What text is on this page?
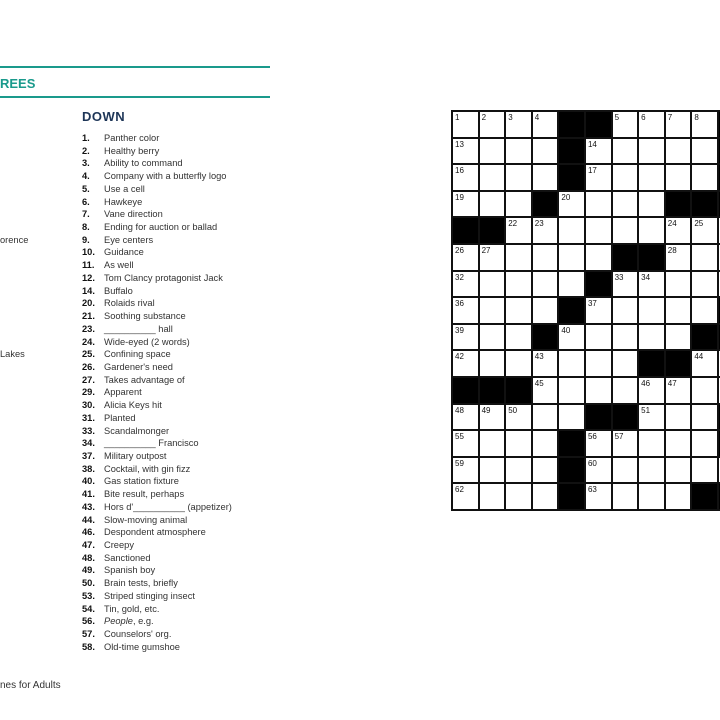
REES
DOWN
1.	Panther color
2.	Healthy berry
3.	Ability to command
4.	Company with a butterfly logo
5.	Use a cell
6.	Hawkeye
7.	Vane direction
8.	Ending for auction or ballad
9.	Eye centers
10. Guidance
11.	As well
12. Tom Clancy protagonist Jack
14. Buffalo
20. Rolaids rival
21. Soothing substance
23. __________ hall
24. Wide-eyed (2 words)
25. Confining space
26. Gardener's need
27. Takes advantage of
29. Apparent
30. Alicia Keys hit
31. Planted
33. Scandalmonger
34. __________ Francisco
37. Military outpost
38. Cocktail, with gin fizz
40. Gas station fixture
41. Bite result, perhaps
43. Hors d'__________ (appetizer)
44. Slow-moving animal
46. Despondent atmosphere
47. Creepy
48. Sanctioned
49. Spanish boy
50. Brain tests, briefly
53. Striped stinging insect
54. Tin, gold, etc.
56. People, e.g.
57. Counselors' org.
58. Old-time gumshoe
orence
Lakes
nes for Adults
1	2	3	4	5	6	7	8
13	14
16	17
19	20
22 23	24 25
26 27	28
32	33 34
36	37
39	40
42	43	44
45	46 47
48 49 50	51
55	56 57
59	60
62	63
